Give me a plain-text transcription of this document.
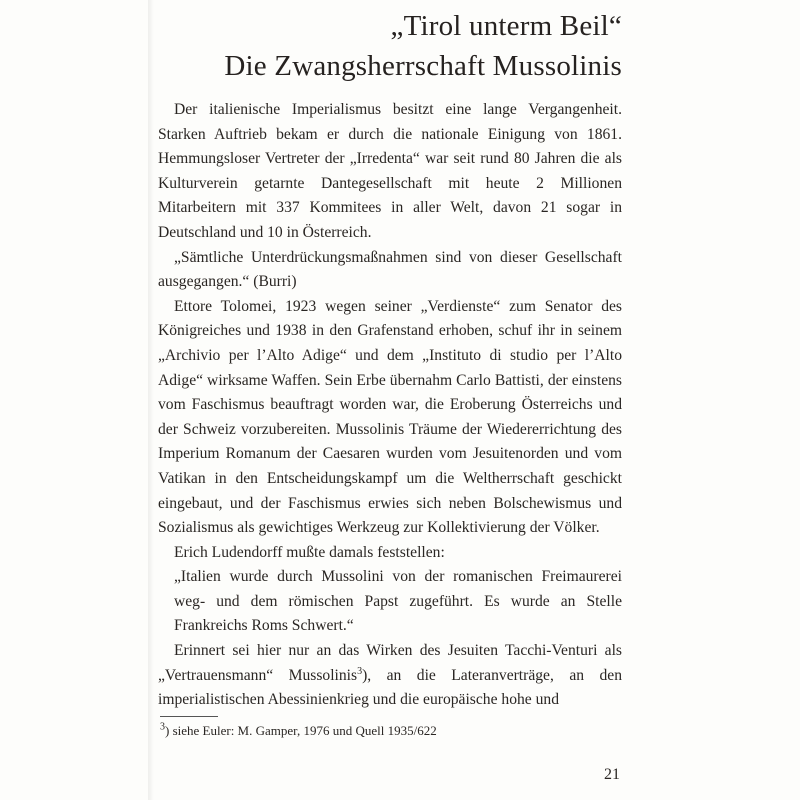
„Tirol unterm Beil“
Die Zwangsherrschaft Mussolinis

Der italienische Imperialismus besitzt eine lange Vergangenheit. Starken Auftrieb bekam er durch die nationale Einigung von 1861. Hemmungsloser Vertreter der „Irredenta“ war seit rund 80 Jahren die als Kulturverein getarnte Dantegesellschaft mit heute 2 Millionen Mitarbeitern mit 337 Kommitees in aller Welt, davon 21 sogar in Deutschland und 10 in Österreich.

„Sämtliche Unterdrückungsmaßnahmen sind von dieser Gesellschaft ausgegangen.“ (Burri)

Ettore Tolomei, 1923 wegen seiner „Verdienste“ zum Senator des Königreiches und 1938 in den Grafenstand erhoben, schuf ihr in seinem „Archivio per l’Alto Adige“ und dem „Instituto di studio per l’Alto Adige“ wirksame Waffen. Sein Erbe übernahm Carlo Battisti, der einstens vom Faschismus beauftragt worden war, die Eroberung Österreichs und der Schweiz vorzubereiten. Mussolinis Träume der Wiedererrichtung des Imperium Romanum der Caesaren wurden vom Jesuitenorden und vom Vatikan in den Entscheidungskampf um die Weltherrschaft geschickt eingebaut, und der Faschismus erwies sich neben Bolschewismus und Sozialismus als gewichtiges Werkzeug zur Kollektivierung der Völker.

Erich Ludendorff mußte damals feststellen:

„Italien wurde durch Mussolini von der romanischen Freimaurerei weg- und dem römischen Papst zugeführt. Es wurde an Stelle Frankreichs Roms Schwert.“

Erinnert sei hier nur an das Wirken des Jesuiten Tacchi-Venturi als „Vertrauensmann“ Mussolinis$^3$), an die Lateranverträge, an den imperialistischen Abessinienkrieg und die europäische hohe und

$^3$) siehe Euler: M. Gamper, 1976 und Quell 1935/622
21
